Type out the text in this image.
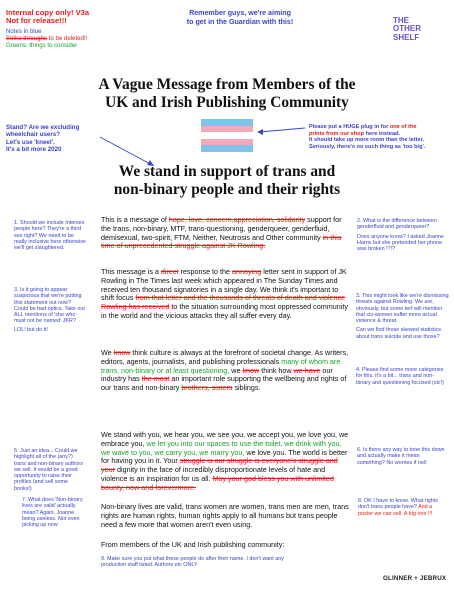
Internal copy only! V3a
Not for release!!!
Notes in blue
Strike throughs to be deleted!!
Greens: things to consider
Remember guys, we're aiming
to get in the Guardian with this!	THE
OTHER
SHELF
A Vague Message from Members of the
UK and Irish Publishing Community
Stand? Are we excluding
wheelchair users?
Let's use 'kneel'.
It's a bit more 2020
Please put a HUGE plug in for one of the
prints from our shop here instead.
It should take up more room than the letter.
Seriously, there's no such thing as 'too big'.
We stand in support of trans and
non-binary people and their rights
This is a message of hope, love, concern,appreciation, solidarity support for the trans, non-binary, MTF, trans-questioning, genderqueer, genderfluid, demisexual, two-spirit, FTM, Neither, Neutrosis and Other community in this time of unprecedented struggle against JK Rowling.
This message is a direct response to the annoying letter sent in support of JK Rowling in The Times last week which appeared in The Sunday Times and received ten thousand signatories in a single day. We think it's important to shift focus from that letter and the thousands of threats of death and violence Rowling has received to the situation surrounding most oppressed community in the world and the vicious attacks they all suffer every day.
We know think culture is always at the forefront of societal change. As writers, editors, agents, journalists, and publishing professionals many of whom are trans, non-binary or at least questioning, we know think how we have our industry has the most an important role supporting the wellbeing and rights of our trans and non-binary brothers, sisters siblings.
We stand with you, we hear you, we see you, we accept you, we love you, we embrace you, we let you into our spaces to use the toilet, we drink with you, we wave to you, we carry you, we marry you, we love you. The world is better for having you in it. Your struggle is our struggle is everyone's struggle and your dignity in the face of incredibly disproportionate levels of hate and violence is an inspiration for us all. May your god bless you with unlimited bounty, now and forevermore.
Non-binary lives are valid, trans women are women, trans men are men, trans rights are human rights, human rights apply to all humans but trans people need a few more that women aren't even using.
From members of the UK and Irish publishing community:
9. Make sure you put what these people do after their name. I don't want any production staff listed. Authors etc ONLY
1. Should we include Intersex people here? They're a third sex right? We need to be really inclusive here otherwise we'll get slaughtered.
3. Is it going to appear suspicious that we're putting this statement out now? Could be bad optics. Take out ALL mentions of 'she who must not be named' JKR?
LOL! but do it!
5. Just an idea... Could we highlight all of the (any?) trans and non-binary authors we sell. It would be a good opportunity to raise their profiles (and sell some books!)
7. What does 'Non-binary lives are valid' actually mean? Again, Joanne being useless. Not even picking up now
2. What is the difference between genderfluid and genderqueer?
Does anyone know? I asked Joanne Harris but she pretended her phone was broken !?!?
3. This might look like we're dismissing threats against Rowling. We are, obviously, but some terf will mention that cis-women suffer more actual violence & threat.
Can we find those skewed statistics about trans suicide and use those?
4. Please find some more categories for this. it's a bit... trans and non-binary and questioning focused (sic!)
6. Is there any way to tone this down and actually make it mean something? No worries if not!
8. OK I have to know. What rights don't trans people have? And a poster we can sell. A big one !!!
GLINNER + JEBRUX
